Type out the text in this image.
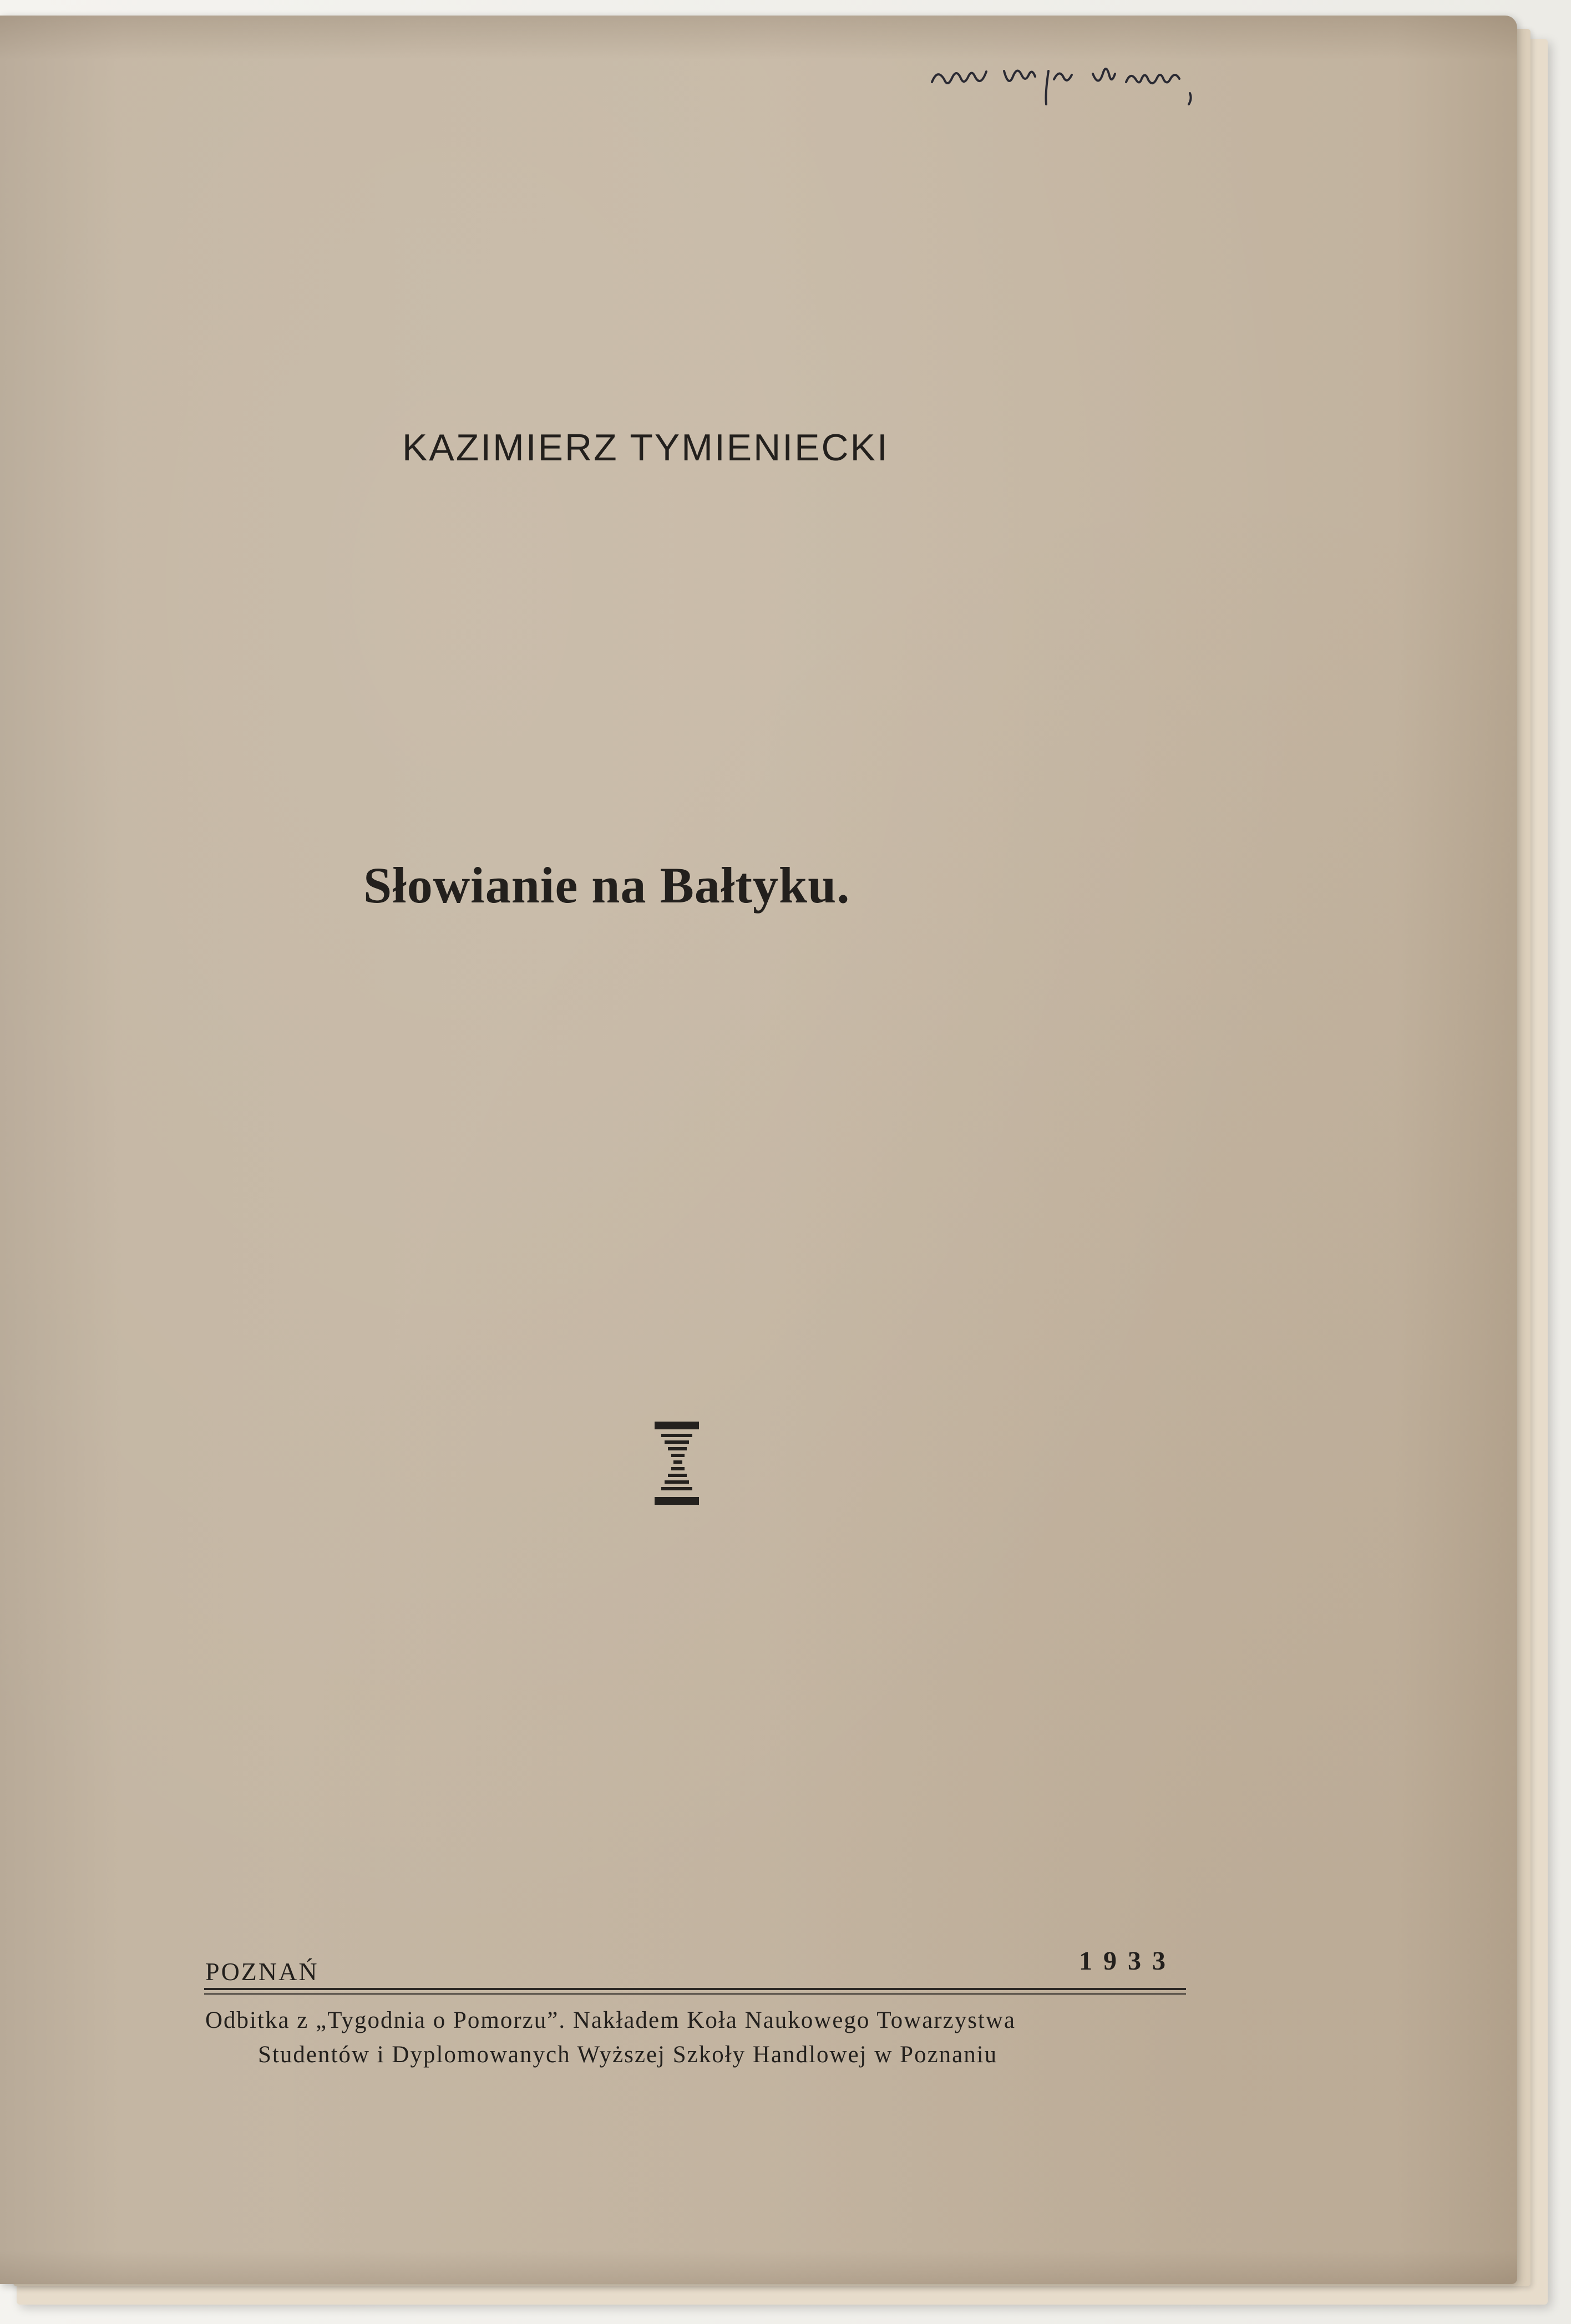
KAZIMIERZ TYMIENIECKI
Słowianie na Bałtyku.
POZNAŃ	1933
Odbitka z „Tygodnia o Pomorzu”. Nakładem Koła Naukowego Towarzystwa
Studentów i Dyplomowanych Wyższej Szkoły Handlowej w Poznaniu
